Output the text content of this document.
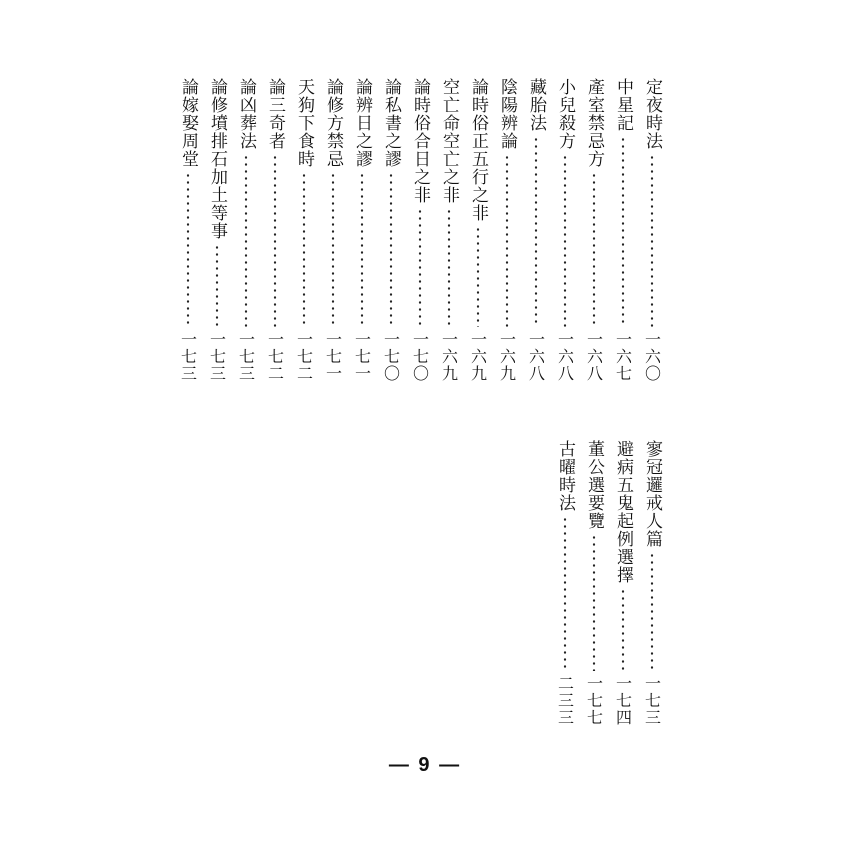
定夜時法
一六〇
中星記
一六七
產室禁忌方
一六八
小兒殺方
一六八
藏胎法
一六八
陰陽辨論
一六九
論時俗正五行之非
一六九
空亡命空亡之非
一六九
論時俗合日之非
一七〇
論私書之謬
一七〇
論辨日之謬
一七一
論修方禁忌
一七一
天狗下食時
一七二
論三奇者
一七二
論凶葬法
一七三
論修墳排石加土等事
一七三
論嫁娶周堂
一七三
寥冠邏戒人篇
一七三
避病五鬼起例選擇
一七四
董公選要覽
一七七
古曜時法
二三三
— 9 —
